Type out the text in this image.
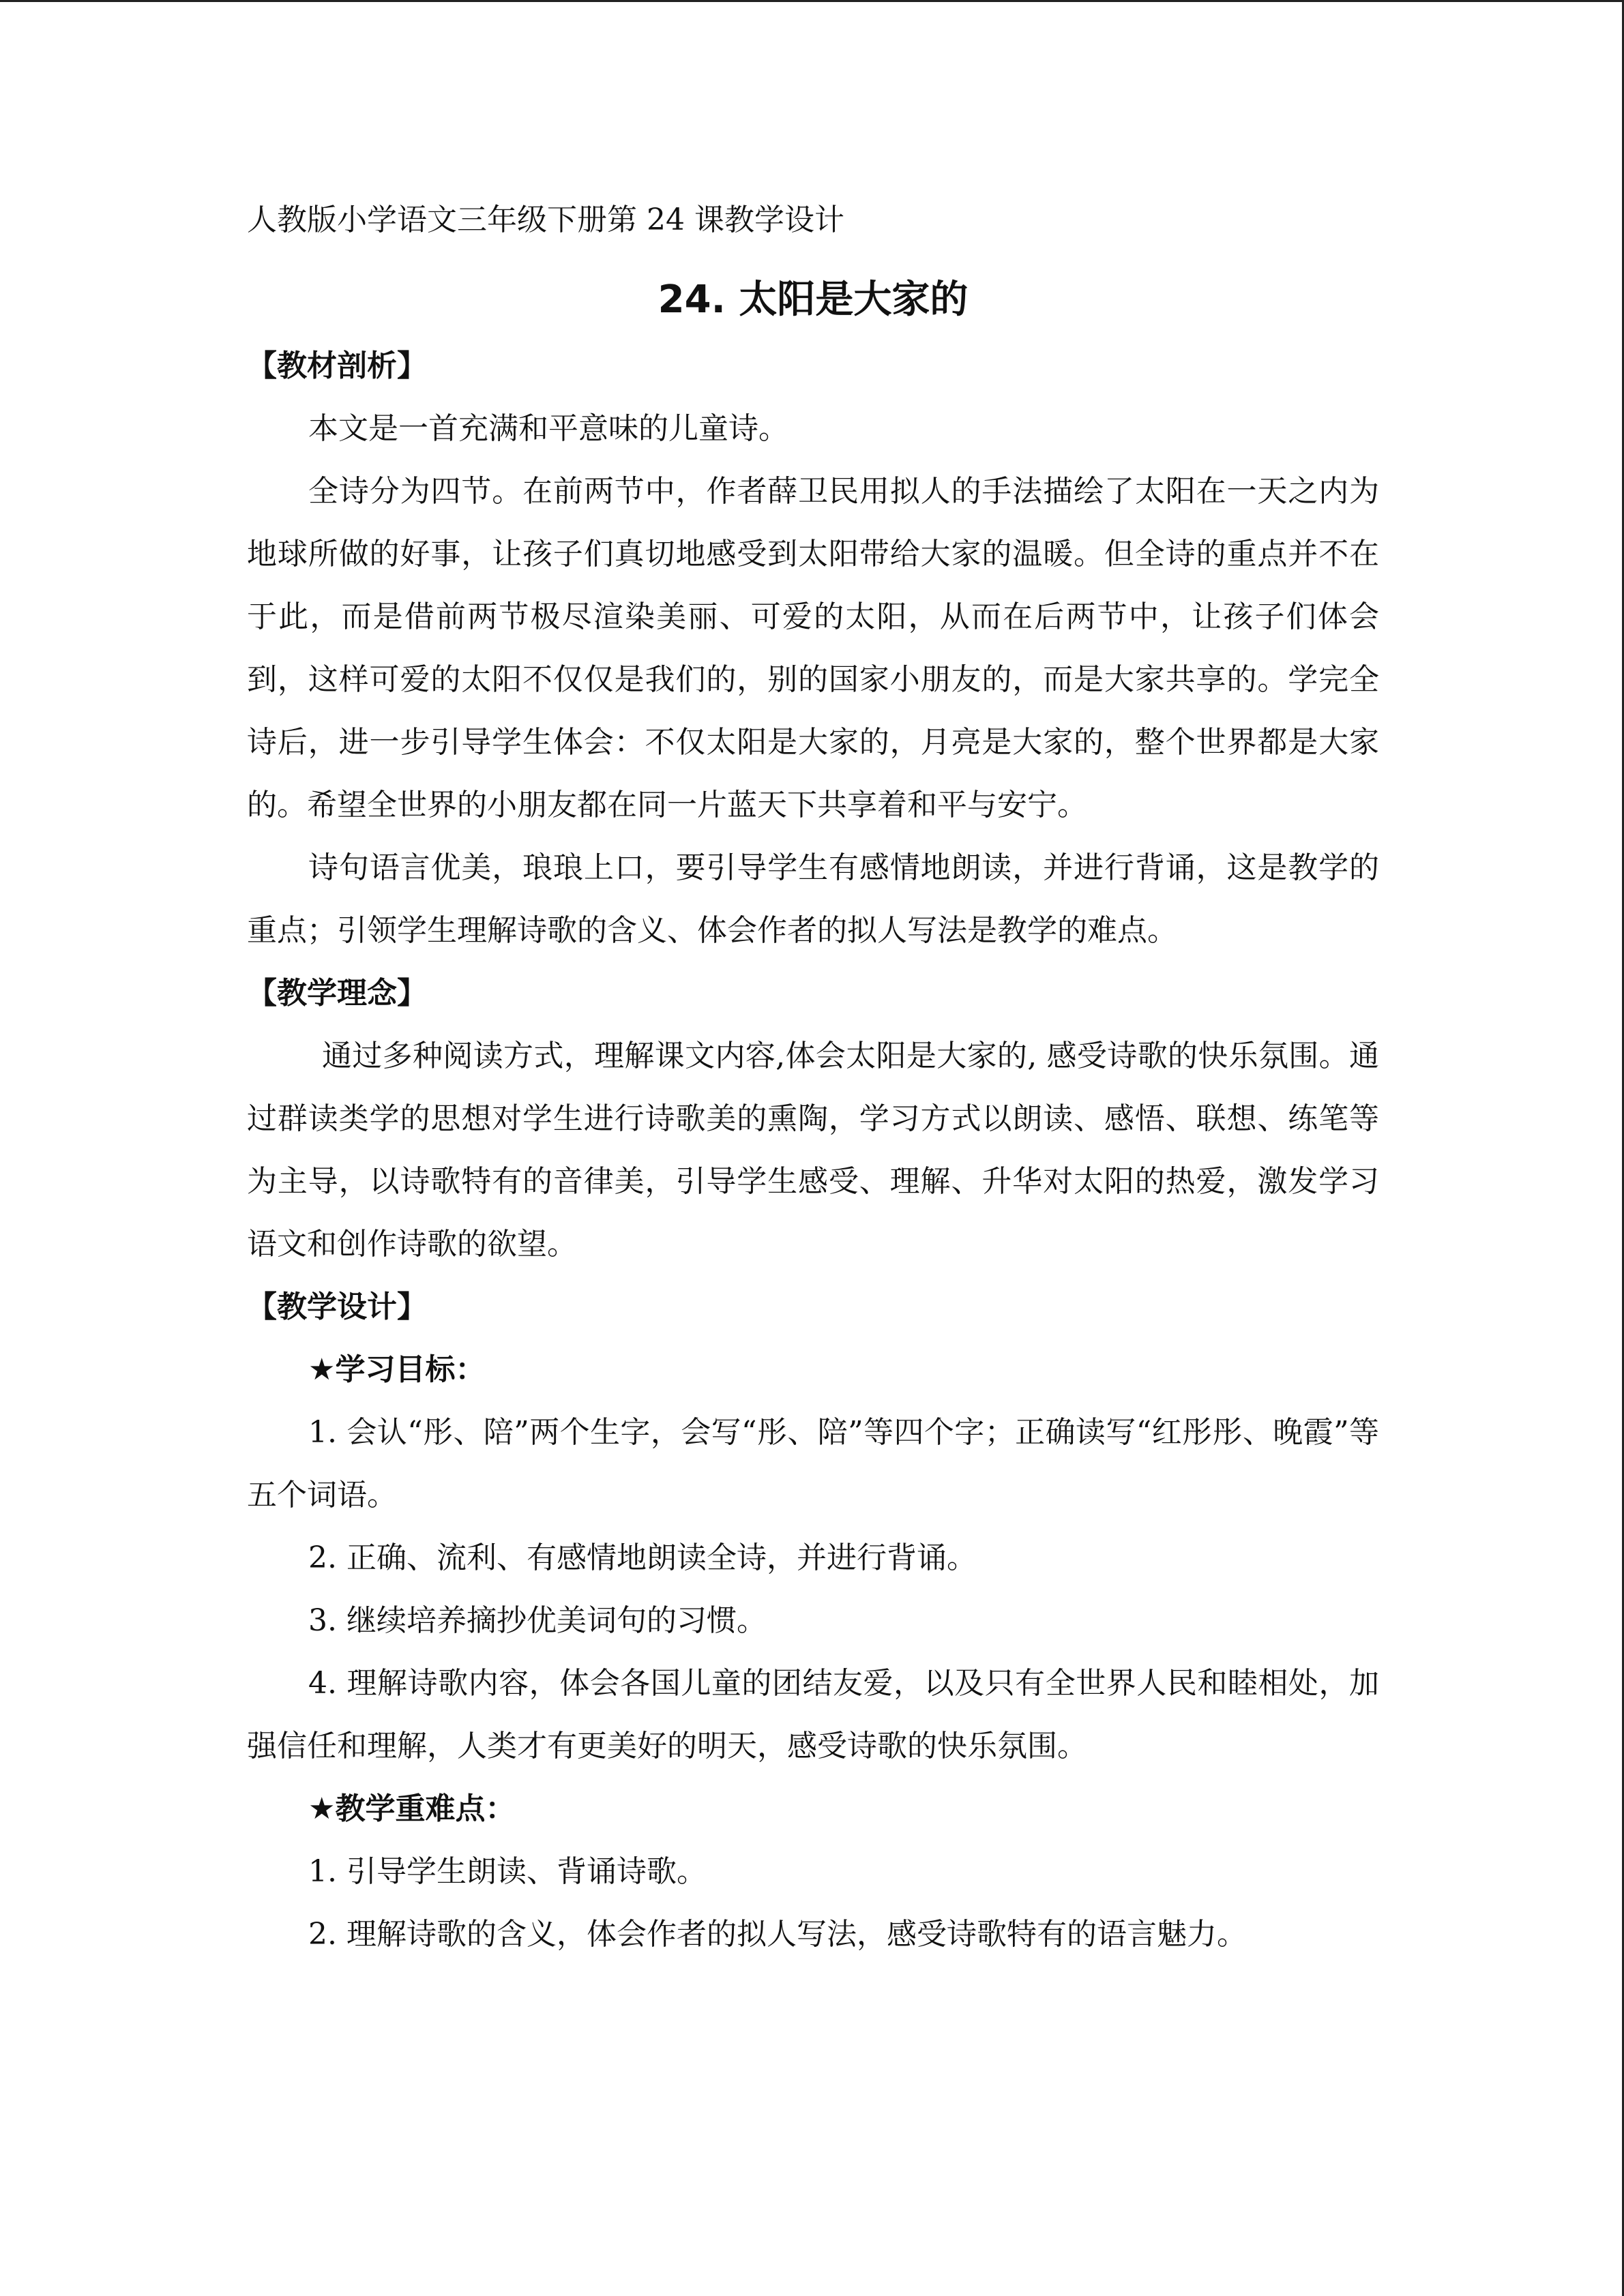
人教版小学语文三年级下册第 24 课教学设计
24. 太阳是大家的
【教材剖析】

本文是一首充满和平意味的儿童诗。

全诗分为四节。在前两节中，作者薛卫民用拟人的手法描绘了太阳在一天之内为地球所做的好事，让孩子们真切地感受到太阳带给大家的温暖。但全诗的重点并不在于此，而是借前两节极尽渲染美丽、可爱的太阳，从而在后两节中，让孩子们体会到，这样可爱的太阳不仅仅是我们的，别的国家小朋友的，而是大家共享的。学完全诗后，进一步引导学生体会：不仅太阳是大家的，月亮是大家的，整个世界都是大家的。希望全世界的小朋友都在同一片蓝天下共享着和平与安宁。

诗句语言优美，琅琅上口，要引导学生有感情地朗读，并进行背诵，这是教学的重点；引领学生理解诗歌的含义、体会作者的拟人写法是教学的难点。

【教学理念】

通过多种阅读方式，理解课文内容,体会太阳是大家的, 感受诗歌的快乐氛围。通过群读类学的思想对学生进行诗歌美的熏陶，学习方式以朗读、感悟、联想、练笔等为主导，以诗歌特有的音律美，引导学生感受、理解、升华对太阳的热爱，激发学习语文和创作诗歌的欲望。

【教学设计】
★学习目标：

1. 会认“彤、陪”两个生字，会写“彤、陪”等四个字；正确读写“红彤彤、晚霞”等五个词语。

2. 正确、流利、有感情地朗读全诗，并进行背诵。

3. 继续培养摘抄优美词句的习惯。

4. 理解诗歌内容，体会各国儿童的团结友爱，以及只有全世界人民和睦相处，加强信任和理解，人类才有更美好的明天，感受诗歌的快乐氛围。

★教学重难点：

1. 引导学生朗读、背诵诗歌。

2. 理解诗歌的含义，体会作者的拟人写法，感受诗歌特有的语言魅力。
